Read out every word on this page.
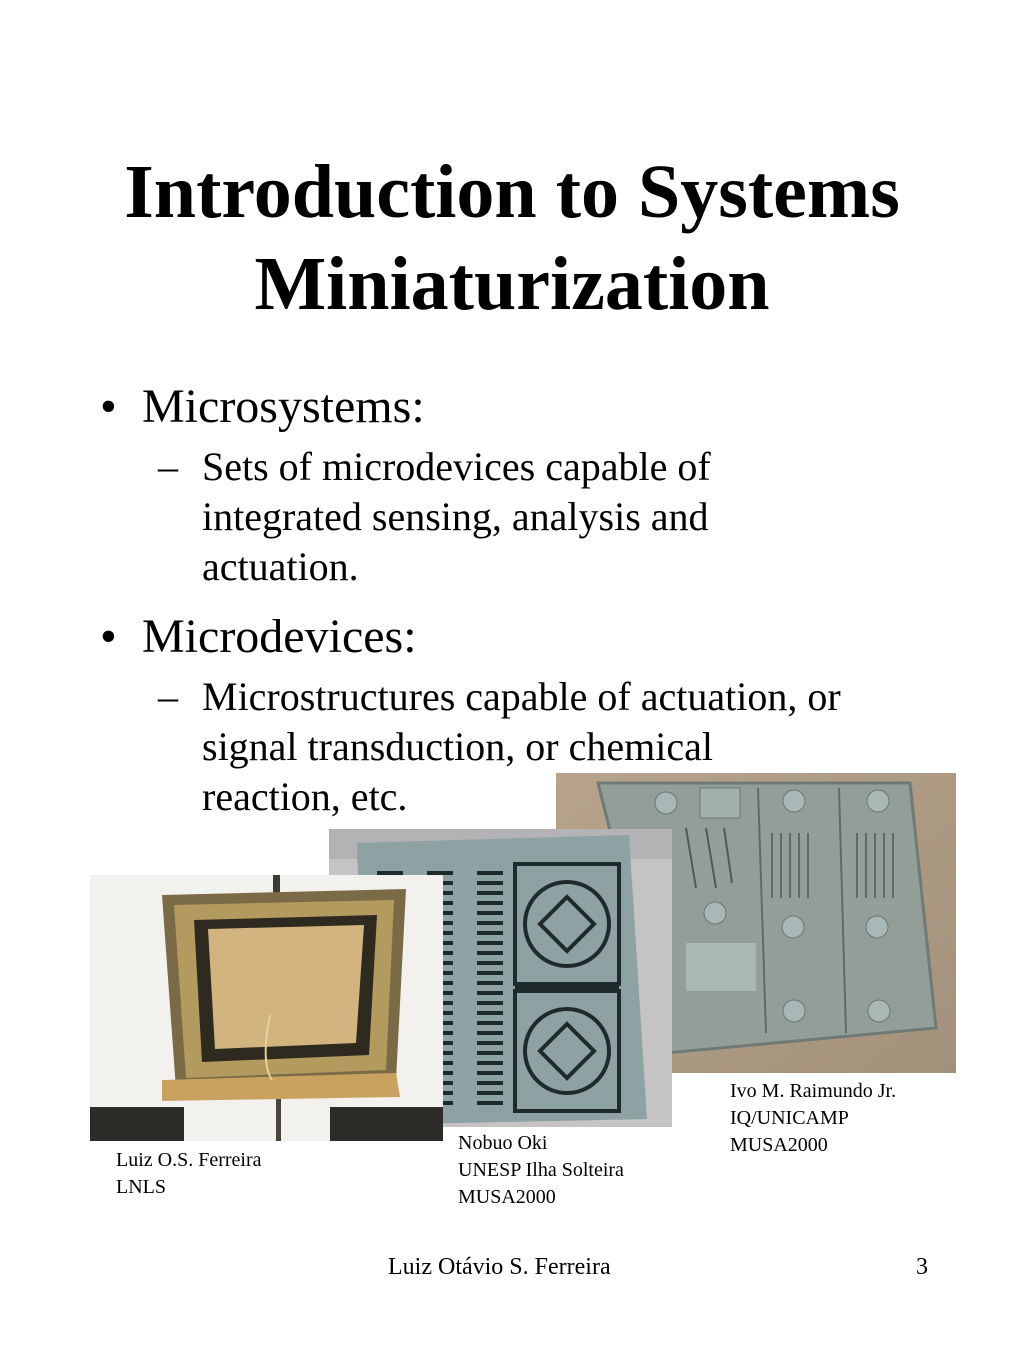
Introduction to Systems
Miniaturization
• Microsystems:
– Sets of microdevices capable of
integrated sensing, analysis and
actuation.
• Microdevices:
– Microstructures capable of actuation, or
signal transduction, or chemical
reaction, etc.
Luiz O.S. Ferreira
LNLS
Nobuo Oki
UNESP Ilha Solteira
MUSA2000
Ivo M. Raimundo Jr.
IQ/UNICAMP
MUSA2000
Luiz Otávio S. Ferreira	3
